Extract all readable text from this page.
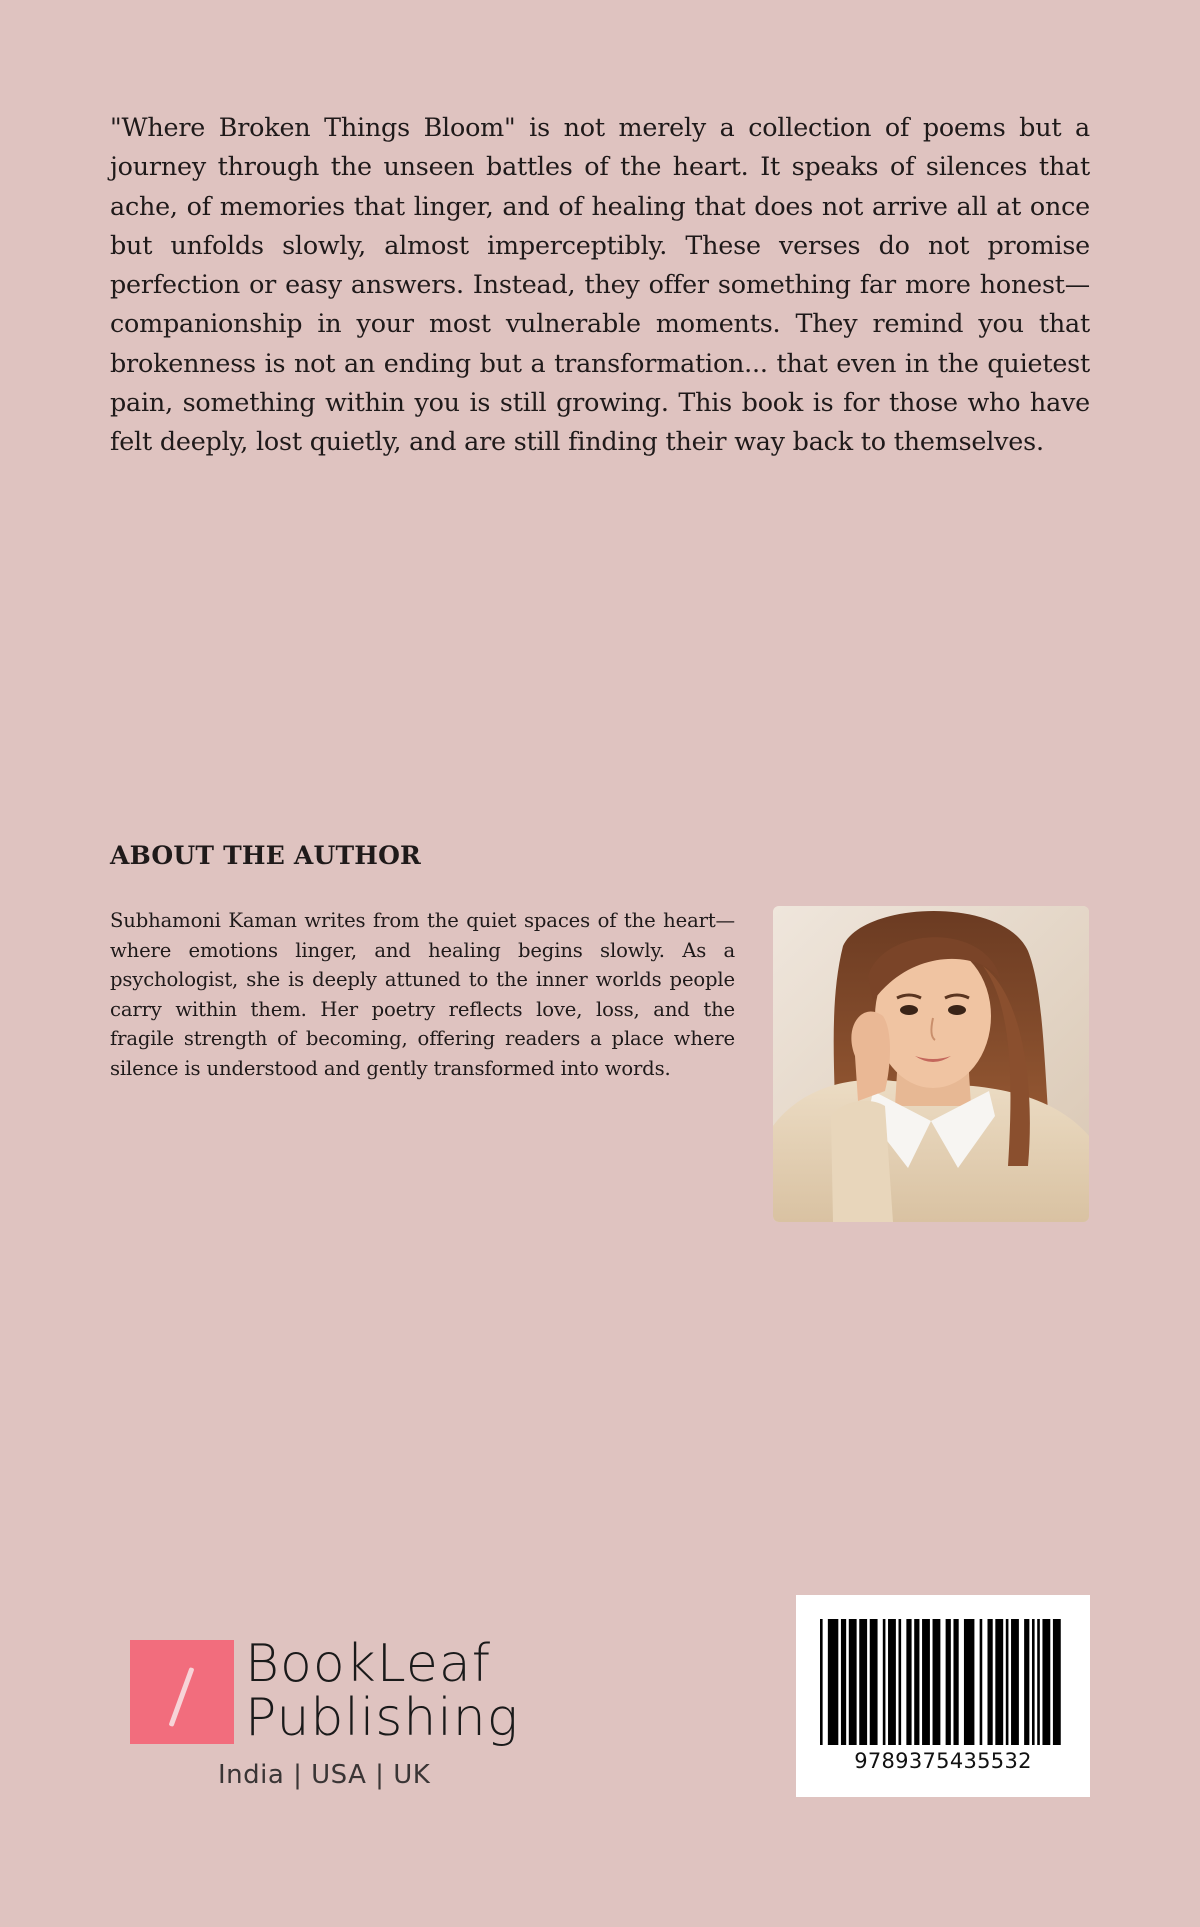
"Where Broken Things Bloom" is not merely a collection of poems but a journey through the unseen battles of the heart. It speaks of silences that ache, of memories that linger, and of healing that does not arrive all at once but unfolds slowly, almost imperceptibly. These verses do not promise perfection or easy answers. Instead, they offer something far more honest—companionship in your most vulnerable moments. They remind you that brokenness is not an ending but a transformation... that even in the quietest pain, something within you is still growing. This book is for those who have felt deeply, lost quietly, and are still finding their way back to themselves.
ABOUT THE AUTHOR
Subhamoni Kaman writes from the quiet spaces of the heart—where emotions linger, and healing begins slowly. As a psychologist, she is deeply attuned to the inner worlds people carry within them. Her poetry reflects love, loss, and the fragile strength of becoming, offering readers a place where silence is understood and gently transformed into words.
BookLeaf
Publishing
India | USA | UK	9789375435532
